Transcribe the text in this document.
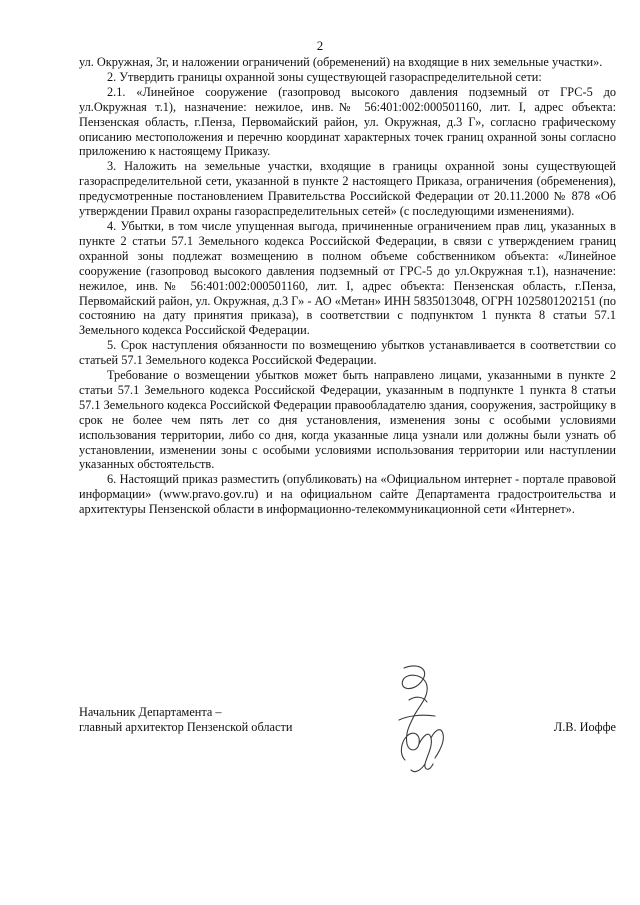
2

ул. Окружная, 3г, и наложении ограничений (обременений) на входящие в них земельные участки».

2. Утвердить границы охранной зоны существующей газораспределительной сети:

2.1. «Линейное сооружение (газопровод высокого давления подземный от ГРС-5 до ул.Окружная т.1), назначение: нежилое, инв.№ 56:401:002:000501160, лит. I, адрес объекта: Пензенская область, г.Пенза, Первомайский район, ул. Окружная, д.3 Г», согласно графическому описанию местоположения и перечню координат характерных точек границ охранной зоны согласно приложению к настоящему Приказу.

3. Наложить на земельные участки, входящие в границы охранной зоны существующей газораспределительной сети, указанной в пункте 2 настоящего Приказа, ограничения (обременения), предусмотренные постановлением Правительства Российской Федерации от 20.11.2000 № 878 «Об утверждении Правил охраны газораспределительных сетей» (с последующими изменениями).

4. Убытки, в том числе упущенная выгода, причиненные ограничением прав лиц, указанных в пункте 2 статьи 57.1 Земельного кодекса Российской Федерации, в связи с утверждением границ охранной зоны подлежат возмещению в полном объеме собственником объекта: «Линейное сооружение (газопровод высокого давления подземный от ГРС-5 до ул.Окружная т.1), назначение: нежилое, инв.№ 56:401:002:000501160, лит. I, адрес объекта: Пензенская область, г.Пенза, Первомайский район, ул. Окружная, д.3 Г» - АО «Метан» ИНН 5835013048, ОГРН 1025801202151 (по состоянию на дату принятия приказа), в соответствии с подпунктом 1 пункта 8 статьи 57.1 Земельного кодекса Российской Федерации.

5. Срок наступления обязанности по возмещению убытков устанавливается в соответствии со статьей 57.1 Земельного кодекса Российской Федерации.

Требование о возмещении убытков может быть направлено лицами, указанными в пункте 2 статьи 57.1 Земельного кодекса Российской Федерации, указанным в подпункте 1 пункта 8 статьи 57.1 Земельного кодекса Российской Федерации правообладателю здания, сооружения, застройщику в срок не более чем пять лет со дня установления, изменения зоны с особыми условиями использования территории, либо со дня, когда указанные лица узнали или должны были узнать об установлении, изменении зоны с особыми условиями использования территории или наступлении указанных обстоятельств.

6. Настоящий приказ разместить (опубликовать) на «Официальном интернет - портале правовой информации» (www.pravo.gov.ru) и на официальном сайте Департамента градостроительства и архитектуры Пензенской области в информационно-телекоммуникационной сети «Интернет».

Начальник Департамента –
главный архитектор Пензенской области	Л.В. Иоффе
